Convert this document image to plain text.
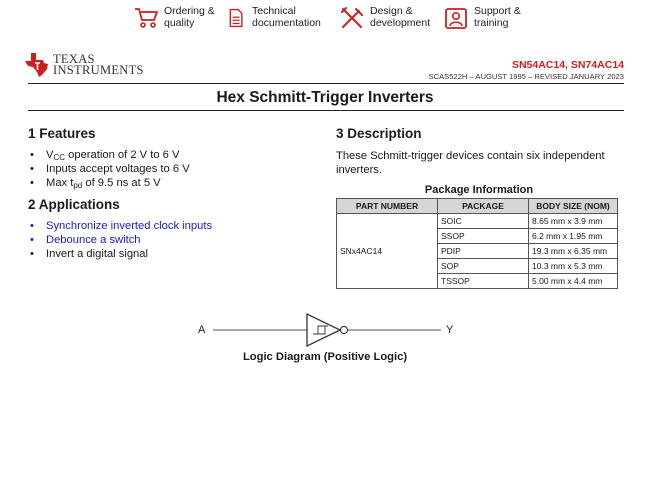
Ordering &
quality
Technical
documentation
Design &
development
Support &
training
TEXAS
INSTRUMENTS	SN54AC14, SN74AC14
SCAS522H – AUGUST 1995 – REVISED JANUARY 2023
Hex Schmitt-Trigger Inverters
1 Features
• $V_{CC}$ operation of 2 V to 6 V
• Inputs accept voltages to 6 V
• Max $t_{pd}$ of 9.5 ns at 5 V
2 Applications
• Synchronize inverted clock inputs
• Debounce a switch
• Invert a digital signal
3 Description
These Schmitt-trigger devices contain six independent inverters.
Package Information
PART NUMBER	PACKAGE	BODY SIZE (NOM)
SNx4AC14	SOIC	8.65 mm x 3.9 mm
	SSOP	6.2 mm x 1.95 mm
	PDIP	19.3 mm x 6.35 mm
	SOP	10.3 mm x 5.3 mm
	TSSOP	5.00 mm x 4.4 mm
A	Y
Logic Diagram (Positive Logic)
